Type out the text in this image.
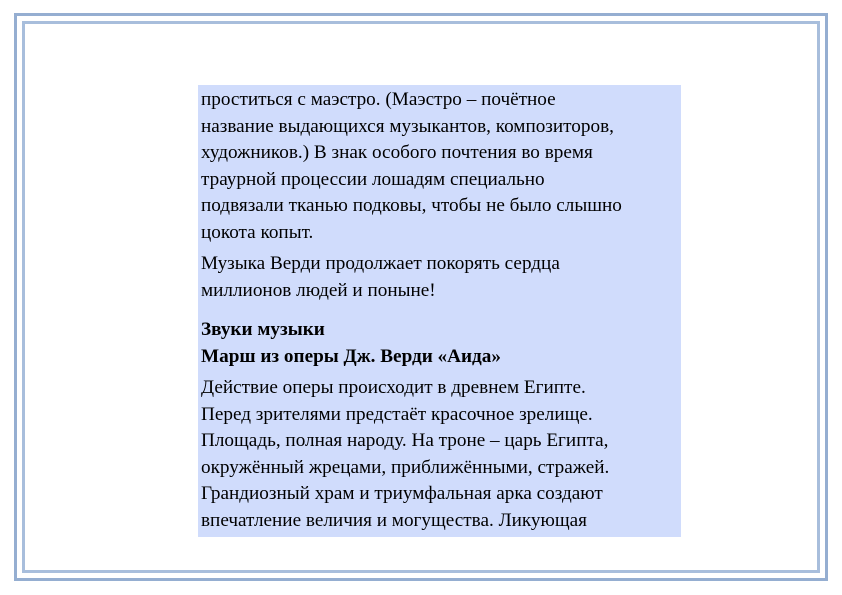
проститься с маэстро. (Маэстро – почётное
название выдающихся музыкантов, композиторов,
художников.) В знак особого почтения во время
траурной процессии лошадям специально
подвязали тканью подковы, чтобы не было слышно
цокота копыт.

Музыка Верди продолжает покорять сердца
миллионов людей и поныне!

Звуки музыки

Марш из оперы Дж. Верди «Аида»

Действие оперы происходит в древнем Египте.
Перед зрителями предстаёт красочное зрелище.
Площадь, полная народу. На троне – царь Египта,
окружённый жрецами, приближёнными, стражей.
Грандиозный храм и триумфальная арка создают
впечатление величия и могущества. Ликующая
